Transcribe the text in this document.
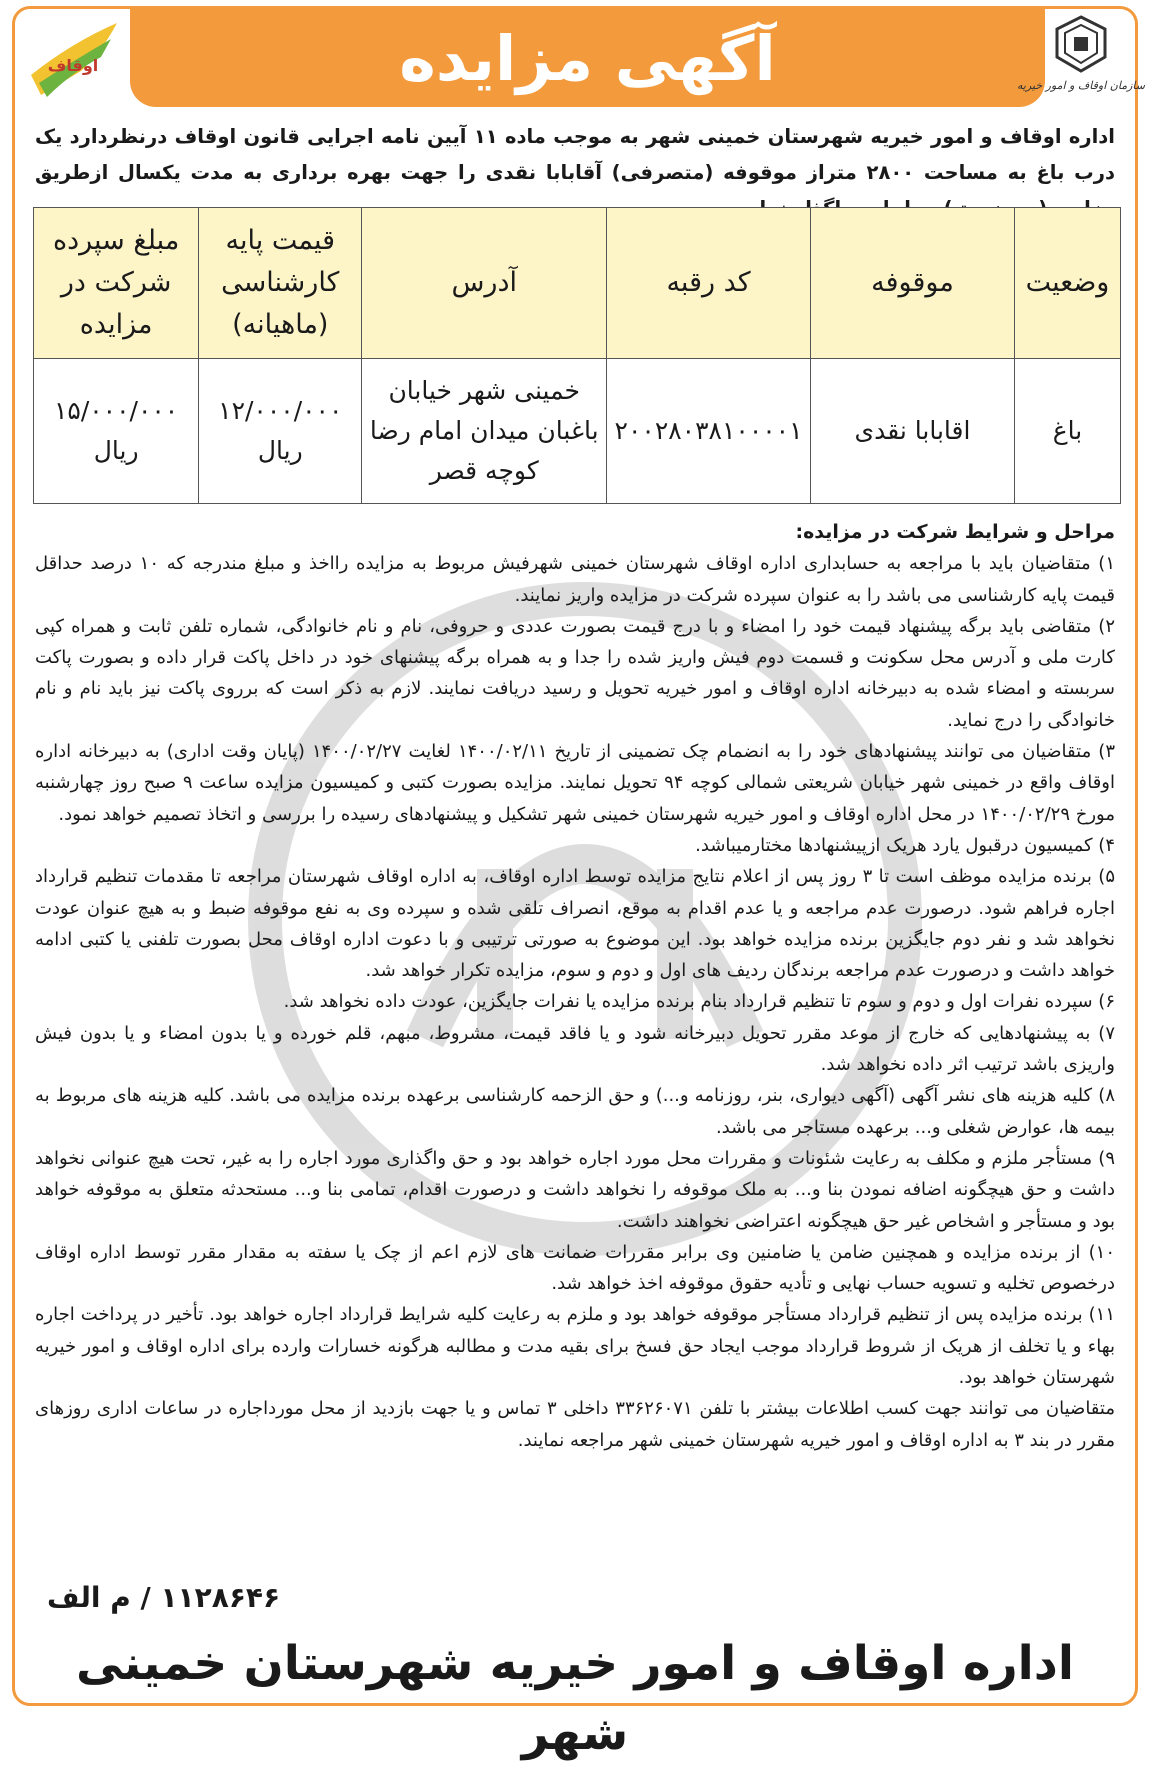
اوقاف	آگهی مزایده	سازمان اوقاف و امور خیریه
اداره اوقاف و امور خیریه شهرستان خمینی شهر به موجب ماده ۱۱ آیین نامه اجرایی قانون اوقاف درنظردارد یک درب باغ به مساحت ۲۸۰۰ متراز موقوفه (متصرفی) آقابابا نقدی را جهت بهره برداری به مدت یکسال ازطریق
وضعیت	موقوفه	کد رقبه	آدرس	قیمت پایه کارشناسی (ماهیانه)	مبلغ سپرده شرکت در مزایده
باغ	اقابابا نقدی	۲۰۰۲۸۰۳۸۱۰۰۰۰۱	خمینی شهر خیابان باغبان میدان امام رضا کوچه قصر	۱۲/۰۰۰/۰۰۰ ریال	۱۵/۰۰۰/۰۰۰ ریال
مراحل و شرایط شرکت در مزایده:
۱) متقاضیان باید با مراجعه به حسابداری اداره اوقاف شهرستان خمینی شهرفیش مربوط به مزایده رااخذ و مبلغ مندرجه که ۱۰ درصد حداقل قیمت پایه کارشناسی می باشد را به عنوان سپرده شرکت در مزایده واریز نمایند.
۲) متقاضی باید برگه پیشنهاد قیمت خود را امضاء و با درج قیمت بصورت عددی و حروفی، نام و نام خانوادگی، شماره تلفن ثابت و همراه کپی کارت ملی و آدرس محل سکونت و قسمت دوم فیش واریز شده را جدا و به همراه برگه پیشنهای خود در داخل پاکت قرار داده و بصورت پاکت سربسته و امضاء شده به دبیرخانه اداره اوقاف و امور خیریه تحویل و رسید دریافت نمایند. لازم به ذکر است که برروی پاکت نیز باید نام و نام خانوادگی را درج نماید.
۳) متقاضیان می توانند پیشنهادهای خود را به انضمام چک تضمینی از تاریخ ۱۴۰۰/۰۲/۱۱ لغایت ۱۴۰۰/۰۲/۲۷ (پایان وقت اداری) به دبیرخانه اداره اوقاف واقع در خمینی شهر خیابان شریعتی شمالی کوچه ۹۴ تحویل نمایند. مزایده بصورت کتبی و کمیسیون مزایده ساعت ۹ صبح روز چهارشنبه مورخ ۱۴۰۰/۰۲/۲۹ در محل اداره اوقاف و امور خیریه شهرستان خمینی شهر تشکیل و پیشنهادهای رسیده را بررسی و اتخاذ تصمیم خواهد نمود.
۴) کمیسیون درقبول یارد هریک ازپیشنهادها مختارمیباشد.
۵) برنده مزایده موظف است تا ۳ روز پس از اعلام نتایج مزایده توسط اداره اوقاف، به اداره اوقاف شهرستان مراجعه تا مقدمات تنظیم قرارداد اجاره فراهم شود. درصورت عدم مراجعه و یا عدم اقدام به موقع، انصراف تلقی شده و سپرده وی به نفع موقوفه ضبط و به هیچ عنوان عودت نخواهد شد و نفر دوم جایگزین برنده مزایده خواهد بود. این موضوع به صورتی ترتیبی و با دعوت اداره اوقاف محل بصورت تلفنی یا کتبی ادامه خواهد داشت و درصورت عدم مراجعه برندگان ردیف های اول و دوم و سوم، مزایده تکرار خواهد شد.
۶) سپرده نفرات اول و دوم و سوم تا تنظیم قرارداد بنام برنده مزایده یا نفرات جایگزین، عودت داده نخواهد شد.
۷) به پیشنهادهایی که خارج از موعد مقرر تحویل دبیرخانه شود و یا فاقد قیمت، مشروط، مبهم، قلم خورده و یا بدون امضاء و یا بدون فیش واریزی باشد ترتیب اثر داده نخواهد شد.
۸) کلیه هزینه های نشر آگهی (آگهی دیواری، بنر، روزنامه و...) و حق الزحمه کارشناسی برعهده برنده مزایده می باشد. کلیه هزینه های مربوط به بیمه ها، عوارض شغلی و... برعهده مستاجر می باشد.
۹) مستأجر ملزم و مکلف به رعایت شئونات و مقررات محل مورد اجاره خواهد بود و حق واگذاری مورد اجاره را به غیر، تحت هیچ عنوانی نخواهد داشت و حق هیچگونه اضافه نمودن بنا و... به ملک موقوفه را نخواهد داشت و درصورت اقدام، تمامی بنا و... مستحدثه متعلق به موقوفه خواهد بود و مستأجر و اشخاص غیر حق هیچگونه اعتراضی نخواهند داشت.
۱۰) از برنده مزایده و همچنین ضامن یا ضامنین وی برابر مقررات ضمانت های لازم اعم از چک یا سفته به مقدار مقرر توسط اداره اوقاف درخصوص تخلیه و تسویه حساب نهایی و تأدیه حقوق موقوفه اخذ خواهد شد.
۱۱) برنده مزایده پس از تنظیم قرارداد مستأجر موقوفه خواهد بود و ملزم به رعایت کلیه شرایط قرارداد اجاره خواهد بود. تأخیر در پرداخت اجاره بهاء و یا تخلف از هریک از شروط قرارداد موجب ایجاد حق فسخ برای بقیه مدت و مطالبه هرگونه خسارات وارده برای اداره اوقاف و امور خیریه شهرستان خواهد بود.
متقاضیان می توانند جهت کسب اطلاعات بیشتر با تلفن ۳۳۶۲۶۰۷۱ داخلی ۳ تماس و یا جهت بازدید از محل مورداجاره در ساعات اداری روزهای مقرر در بند ۳ به اداره اوقاف و امور خیریه شهرستان خمینی شهر مراجعه نمایند.
۱۱۲۸۶۴۶ / م الف
اداره اوقاف و امور خیریه شهرستان خمینی شهر
